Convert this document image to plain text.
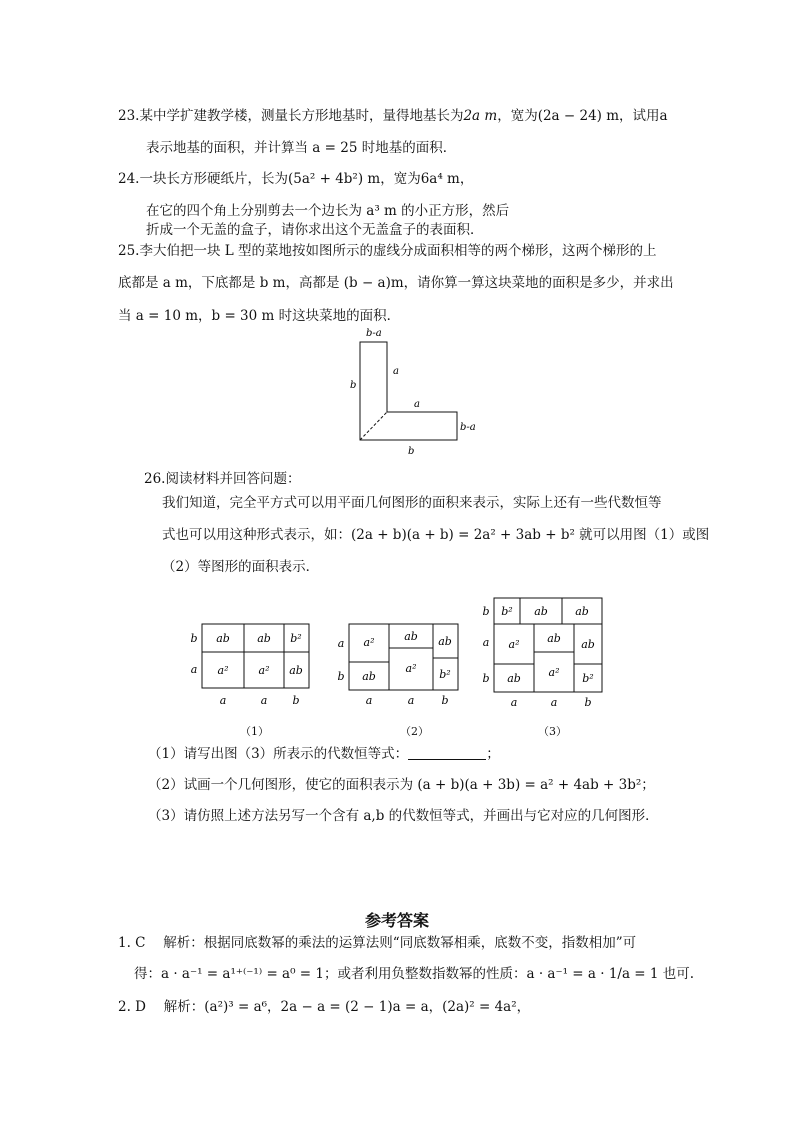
23.某中学扩建教学楼，测量长方形地基时，量得地基长为2a m，宽为(2a − 24) m，试用a
表示地基的面积，并计算当 a = 25 时地基的面积．
24.一块长方形硬纸片，长为(5a² + 4b²) m，宽为6a⁴ m，
在它的四个角上分别剪去一个边长为 a³ m 的小正方形，然后
折成一个无盖的盒子，请你求出这个无盖盒子的表面积．
25.李大伯把一块 L 型的菜地按如图所示的虚线分成面积相等的两个梯形，这两个梯形的上
底都是 a m，下底都是 b m，高都是 (b − a)m，请你算一算这块菜地的面积是多少，并求出
当 a = 10 m，b = 30 m 时这块菜地的面积．
b-a
b
a
a
b-a
b
26.阅读材料并回答问题：
我们知道，完全平方式可以用平面几何图形的面积来表示，实际上还有一些代数恒等
式也可以用这种形式表示，如：(2a + b)(a + b) = 2a² + 3ab + b² 就可以用图（1）或图
（2）等图形的面积表示．
ab ab b²
a²	a² ab
b
a
a	a b
（1）
a²	ab ab
ab
a² b²
a
b
a	a b
（2）
b² ab ab
a²	ab ab
ab	a² b²
b
a
b
a	a b
（3）
（1）请写出图（3）所表示的代数恒等式：	；
（2）试画一个几何图形，使它的面积表示为 (a + b)(a + 3b) = a² + 4ab + 3b²；
（3）请仿照上述方法另写一个含有 a,b 的代数恒等式，并画出与它对应的几何图形．
参考答案
1. C　 解析：根据同底数幂的乘法的运算法则“同底数幂相乘，底数不变，指数相加”可
得：a · a⁻¹ = a¹⁺⁽⁻¹⁾ = a⁰ = 1；或者利用负整数指数幂的性质：a · a⁻¹ = a · 1/a = 1 也可.
2. D　 解析：(a²)³ = a⁶，2a − a = (2 − 1)a = a，(2a)² = 4a²，
